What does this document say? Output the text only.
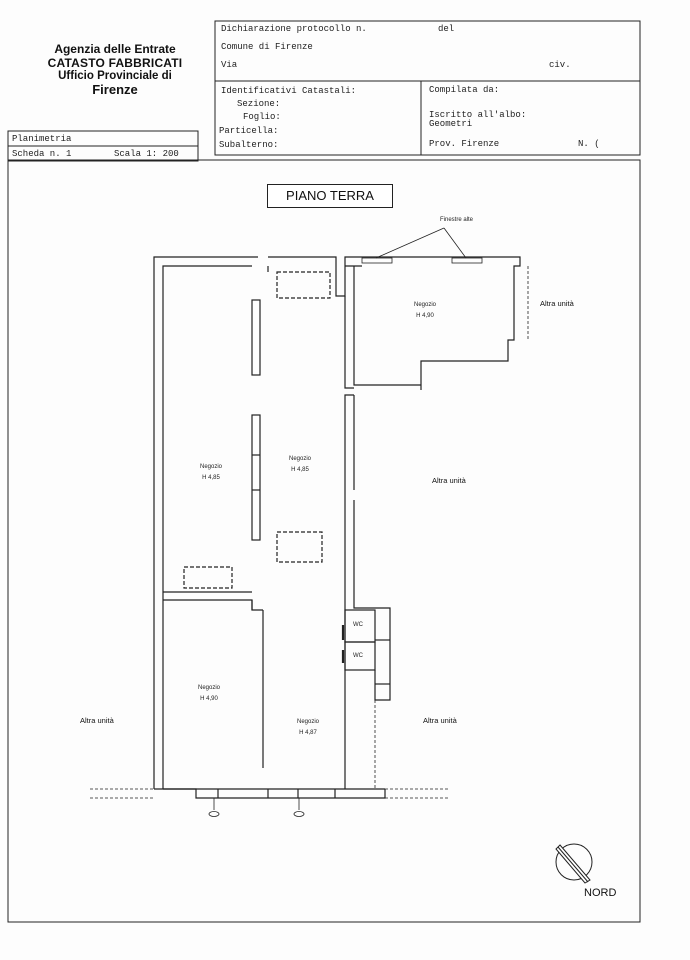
Agenzia delle Entrate
CATASTO FABBRICATI
Ufficio Provinciale di
Firenze
Dichiarazione protocollo n.	del
Comune di Firenze
Via	civ.
Identificativi Catastali:
Sezione:
Foglio:
Particella:
Subalterno:
Compilata da:
Iscritto all'albo:
Geometri
Prov. Firenze	N. (
Planimetria
Scheda n. 1	Scala 1: 200
PIANO TERRA
Finestre alte
Negozio
H 4,90
Negozio
H 4,85
Negozio
H 4,85
Negozio
H 4,90
Negozio
H 4,87
WC
WC
Altra unità
Altra unità
Altra unità	Altra unità
NORD
